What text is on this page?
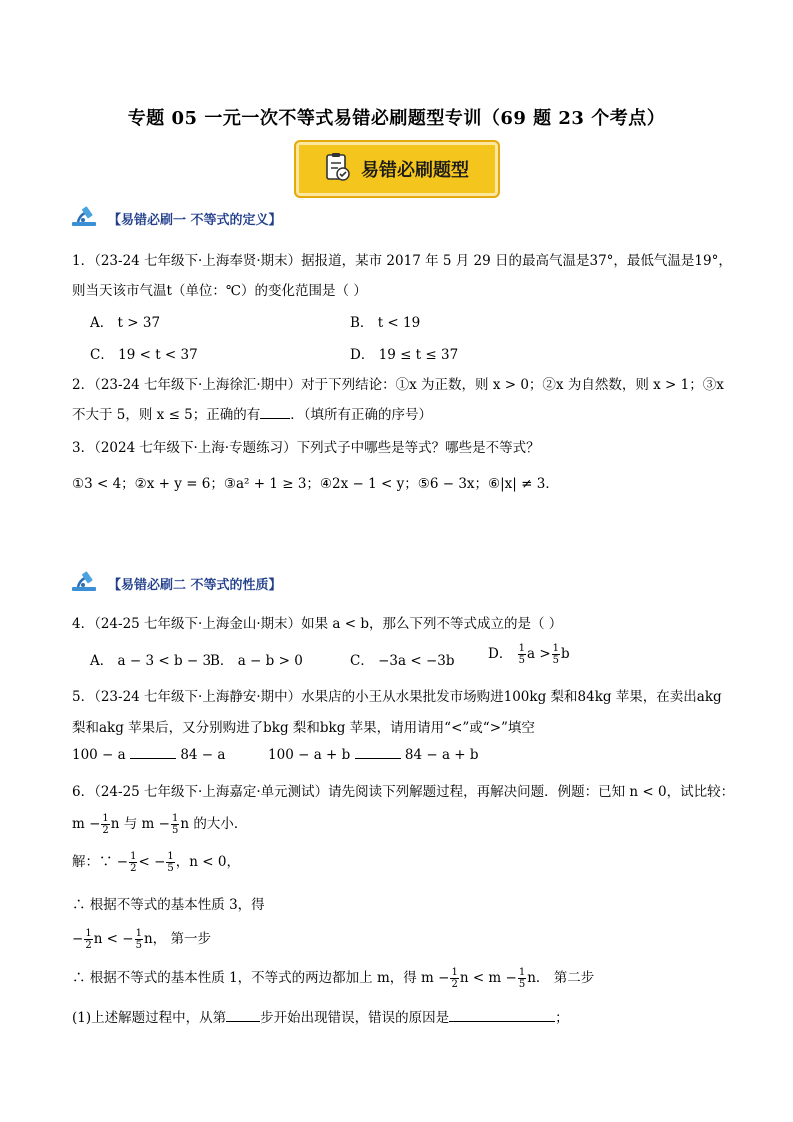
专题 05 一元一次不等式易错必刷题型专训（69 题 23 个考点）
易错必刷题型
【易错必刷一 不等式的定义】
1．（23-24 七年级下·上海奉贤·期末）据报道，某市 2017 年 5 月 29 日的最高气温是37°，最低气温是19°，
则当天该市气温t（单位：℃）的变化范围是（ ）
A． t > 37	B． t < 19
C． 19 < t < 37	D． 19 ≤ t ≤ 37
2．（23-24 七年级下·上海徐汇·期中）对于下列结论：①x 为正数，则 x > 0；②x 为自然数，则 x > 1；③x
不大于 5，则 x ≤ 5；正确的有 ．（填所有正确的序号）
3．（2024 七年级下·上海·专题练习）下列式子中哪些是等式？哪些是不等式？
①3 < 4；②x + y = 6；③a² + 1 ≥ 3；④2x − 1 < y；⑤6 − 3x；⑥|x| ≠ 3．
【易错必刷二 不等式的性质】
4．（24-25 七年级下·上海金山·期末）如果 a < b，那么下列不等式成立的是（ ）
A． a − 3 < b − 3
B． a − b > 0	C． −3a < −3b D． $\frac{1}{5}$ $a > \frac{1}{5}$ b
5．（23-24 七年级下·上海静安·期中）水果店的小王从水果批发市场购进100kg 梨和84kg 苹果，在卖出akg
梨和akg 苹果后，又分别购进了bkg 梨和bkg 苹果，请用请用“<”或“>”填空
100 − a	84 − a	100 − a + b	84 − a + b
6．（24-25 七年级下·上海嘉定·单元测试）请先阅读下列解题过程，再解决问题．例题：已知 n < 0，试比较：
$m - \frac{1}{2}$ n 与 $m - \frac{1}{5}$ n 的大小．
解：∵ − $\frac{1}{2}$ < − $\frac{1}{5}$ ，n < 0，
∴ 根据不等式的基本性质 3，得
− $\frac{1}{2}$ n < − $\frac{1}{5}$ n， 第一步
∴ 根据不等式的基本性质 1，不等式的两边都加上 m，得 $m - \frac{1}{2}$ $n < m - \frac{1}{5}$ n． 第二步
(1)上述解题过程中，从第	步开始出现错误，错误的原因是	；
